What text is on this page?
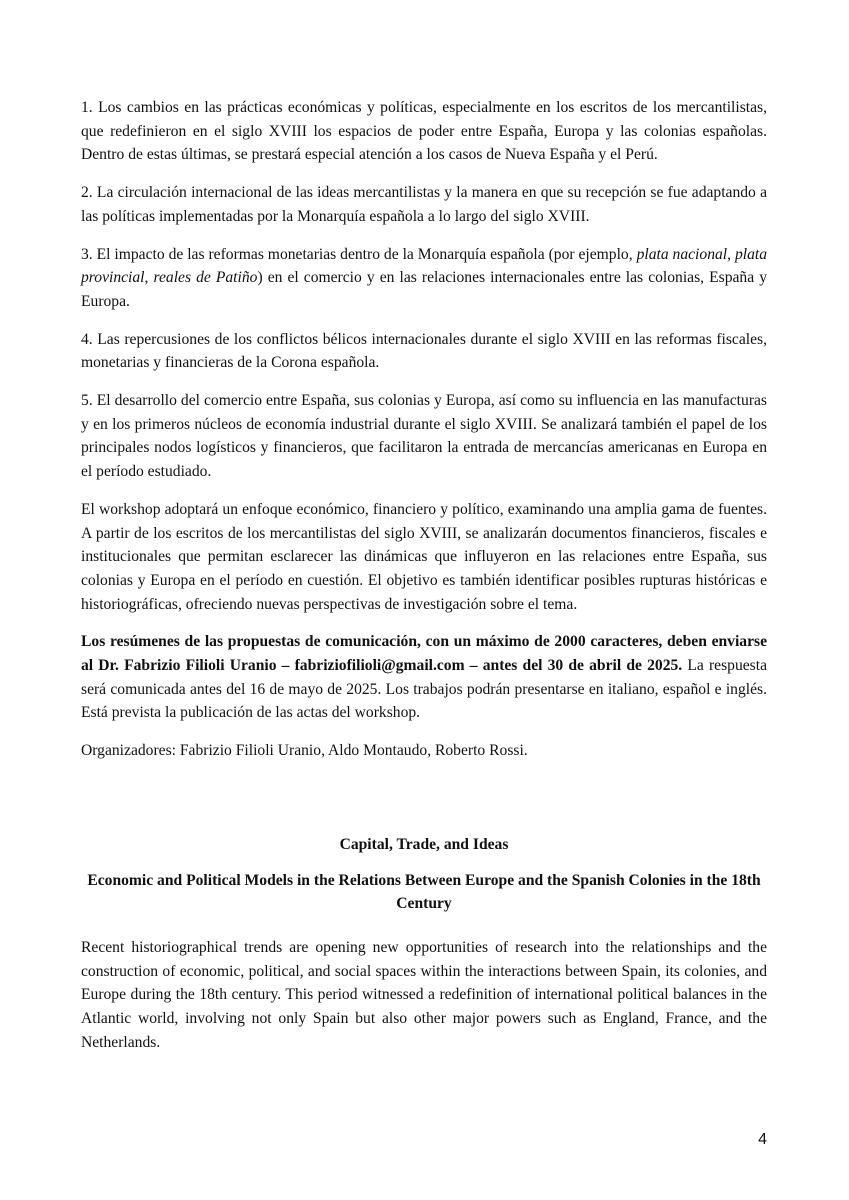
1. Los cambios en las prácticas económicas y políticas, especialmente en los escritos de los mercantilistas, que redefinieron en el siglo XVIII los espacios de poder entre España, Europa y las colonias españolas. Dentro de estas últimas, se prestará especial atención a los casos de Nueva España y el Perú.

2. La circulación internacional de las ideas mercantilistas y la manera en que su recepción se fue adaptando a las políticas implementadas por la Monarquía española a lo largo del siglo XVIII.

3. El impacto de las reformas monetarias dentro de la Monarquía española (por ejemplo, plata nacional, plata provincial, reales de Patiño) en el comercio y en las relaciones internacionales entre las colonias, España y Europa.

4. Las repercusiones de los conflictos bélicos internacionales durante el siglo XVIII en las reformas fiscales, monetarias y financieras de la Corona española.

5. El desarrollo del comercio entre España, sus colonias y Europa, así como su influencia en las manufacturas y en los primeros núcleos de economía industrial durante el siglo XVIII. Se analizará también el papel de los principales nodos logísticos y financieros, que facilitaron la entrada de mercancías americanas en Europa en el período estudiado.

El workshop adoptará un enfoque económico, financiero y político, examinando una amplia gama de fuentes. A partir de los escritos de los mercantilistas del siglo XVIII, se analizarán documentos financieros, fiscales e institucionales que permitan esclarecer las dinámicas que influyeron en las relaciones entre España, sus colonias y Europa en el período en cuestión. El objetivo es también identificar posibles rupturas históricas e historiográficas, ofreciendo nuevas perspectivas de investigación sobre el tema.

Los resúmenes de las propuestas de comunicación, con un máximo de 2000 caracteres, deben enviarse al Dr. Fabrizio Filioli Uranio – fabriziofilioli@gmail.com – antes del 30 de abril de 2025. La respuesta será comunicada antes del 16 de mayo de 2025. Los trabajos podrán presentarse en italiano, español e inglés. Está prevista la publicación de las actas del workshop.

Organizadores: Fabrizio Filioli Uranio, Aldo Montaudo, Roberto Rossi.

Capital, Trade, and Ideas

Economic and Political Models in the Relations Between Europe and the Spanish Colonies in the 18th Century

Recent historiographical trends are opening new opportunities of research into the relationships and the construction of economic, political, and social spaces within the interactions between Spain, its colonies, and Europe during the 18th century. This period witnessed a redefinition of international political balances in the Atlantic world, involving not only Spain but also other major powers such as England, France, and the Netherlands.

4
